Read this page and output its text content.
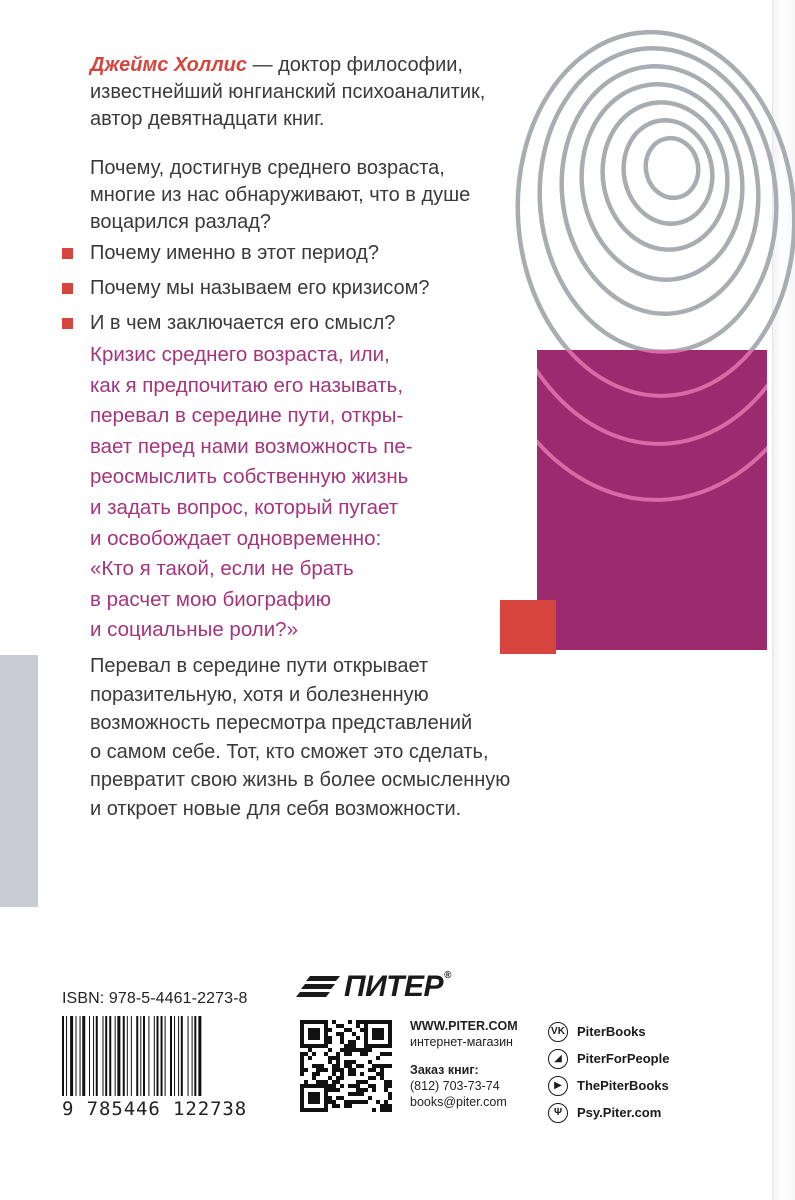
Джеймс Холлис — доктор философии,
известнейший юнгианский психоаналитик,
автор девятнадцати книг.
Почему, достигнув среднего возраста,
многие из нас обнаруживают, что в душе
воцарился разлад?
Почему именно в этот период?
Почему мы называем его кризисом?
И в чем заключается его смысл?
Кризис среднего возраста, или,
как я предпочитаю его называть,
перевал в середине пути, откры-
вает перед нами возможность пе-
реосмыслить собственную жизнь
и задать вопрос, который пугает
и освобождает одновременно:
«Кто я такой, если не брать
в расчет мою биографию
и социальные роли?»
Перевал в середине пути открывает
поразительную, хотя и болезненную
возможность пересмотра представлений
о самом себе. Тот, кто сможет это сделать,
превратит свою жизнь в более осмысленную
и откроет новые для себя возможности.
ISBN: 978-5-4461-2273-8
9 785446 122738
ПИТЕР®
WWW.PITER.COM
интернет-магазин
Заказ книг:
(812) 703-73-74
books@piter.com
VK PiterBooks
◢	PiterForPeople
▶	ThePiterBooks
Ψ	Psy.Piter.com
